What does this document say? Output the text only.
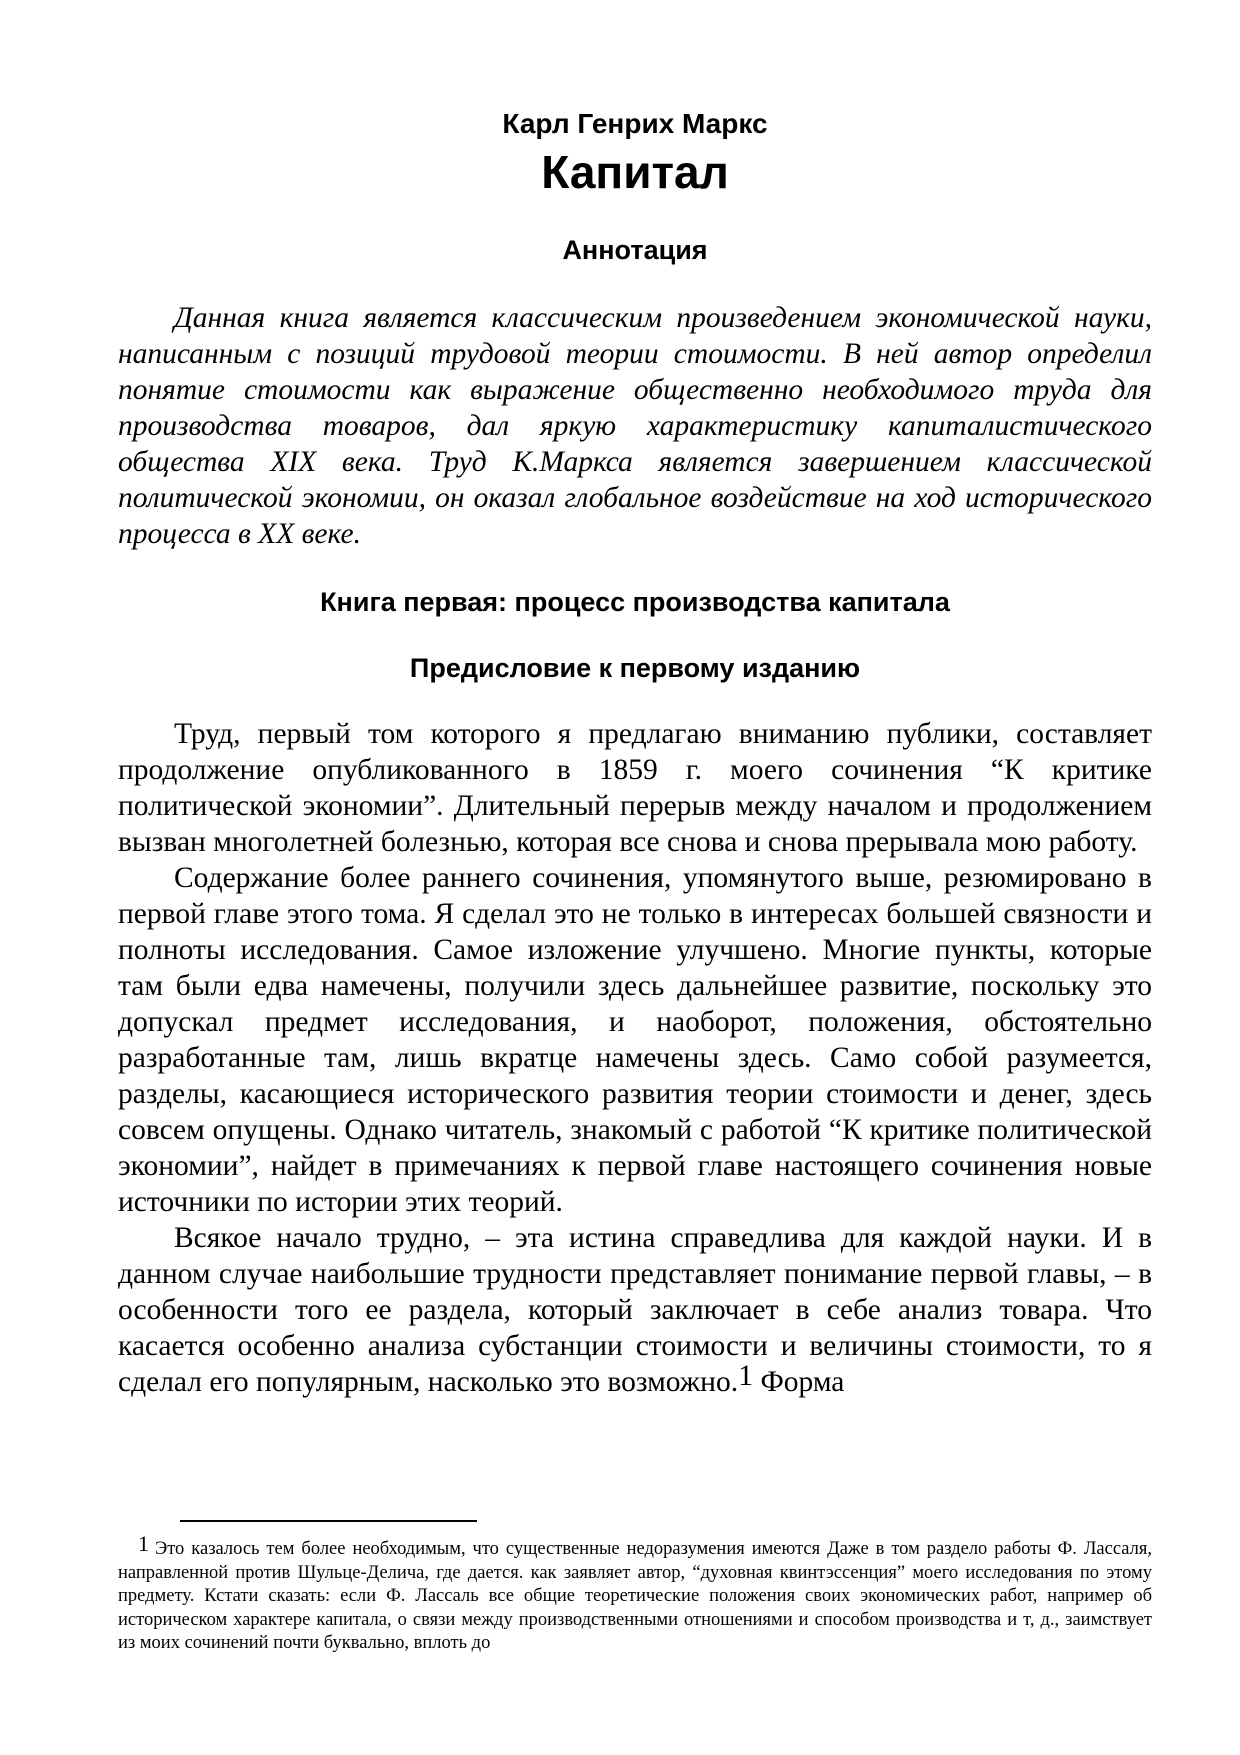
Карл Генрих Маркс
Капитал
Аннотация

Данная книга является классическим произведением экономической науки, написанным с позиций трудовой теории стоимости. В ней автор определил понятие стоимости как выражение общественно необходимого труда для производства товаров, дал яркую характеристику капиталистического общества XIX века. Труд К.Маркса является завершением классической политической экономии, он оказал глобальное воздействие на ход исторического процесса в XX веке.

Книга первая: процесс производства капитала
Предисловие к первому изданию

Труд, первый том которого я предлагаю вниманию публики, составляет продолжение опубликованного в 1859 г. моего сочинения “К критике политической экономии”. Длительный перерыв между началом и продолжением вызван многолетней болезнью, которая все снова и снова прерывала мою работу.

Содержание более раннего сочинения, упомянутого выше, резюмировано в первой главе этого тома. Я сделал это не только в интересах большей связности и полноты исследования. Самое изложение улучшено. Многие пункты, которые там были едва намечены, получили здесь дальнейшее развитие, поскольку это допускал предмет исследования, и наоборот, положения, обстоятельно разработанные там, лишь вкратце намечены здесь. Само собой разумеется, разделы, касающиеся исторического развития теории стоимости и денег, здесь совсем опущены. Однако читатель, знакомый с работой “К критике политической экономии”, найдет в примечаниях к первой главе настоящего сочинения новые источники по истории этих теорий.

Всякое начало трудно, – эта истина справедлива для каждой науки. И в данном случае наибольшие трудности представляет понимание первой главы, – в особенности того ее раздела, который заключает в себе анализ товара. Что касается особенно анализа субстанции стоимости и величины стоимости, то я сделал его популярным, насколько это возможно.1 Форма

1 Это казалось тем более необходимым, что существенные недоразумения имеются Даже в том разделo работы Ф. Лассаля, направленной против Шульце-Делича, где дается. как заявляет автор, “духовная квинтэссенция” моего исследования по этому предмету. Кстати сказать: если Ф. Лассаль все общие теоретические положения своих экономических работ, например об историческом характере капитала, о связи между производственными отношениями и способом производства и т, д., заимствует из моих сочинений почти буквально, вплоть до
